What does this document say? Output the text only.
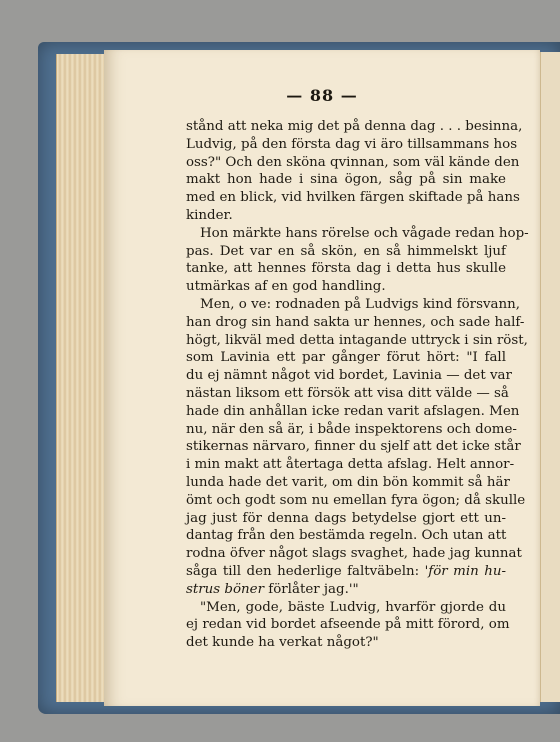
— 88 —
stånd att neka mig det på denna dag . . . besinna,
Ludvig, på den första dag vi äro tillsammans hos
oss?" Och den sköna qvinnan, som väl kände den
makt hon hade i sina ögon, såg på sin make
med en blick, vid hvilken färgen skiftade på hans
kinder.
Hon märkte hans rörelse och vågade redan hop-
pas. Det var en så skön, en så himmelskt ljuf
tanke, att hennes första dag i detta hus skulle
utmärkas af en god handling.
Men, o ve: rodnaden på Ludvigs kind försvann,
han drog sin hand sakta ur hennes, och sade half-
högt, likväl med detta intagande uttryck i sin röst,
som Lavinia ett par gånger förut hört: "I fall
du ej nämnt något vid bordet, Lavinia — det var
nästan liksom ett försök att visa ditt välde — så
hade din anhållan icke redan varit afslagen. Men
nu, när den så är, i både inspektorens och dome-
stikernas närvaro, finner du sjelf att det icke står
i min makt att återtaga detta afslag. Helt annor-
lunda hade det varit, om din bön kommit så här
ömt och godt som nu emellan fyra ögon; då skulle
jag just för denna dags betydelse gjort ett un-
dantag från den bestämda regeln. Och utan att
rodna öfver något slags svaghet, hade jag kunnat
såga till den hederlige faltväbeln: 'för min hu-
strus böner förlåter jag.'"
"Men, gode, bäste Ludvig, hvarför gjorde du
ej redan vid bordet afseende på mitt förord, om
det kunde ha verkat något?"
